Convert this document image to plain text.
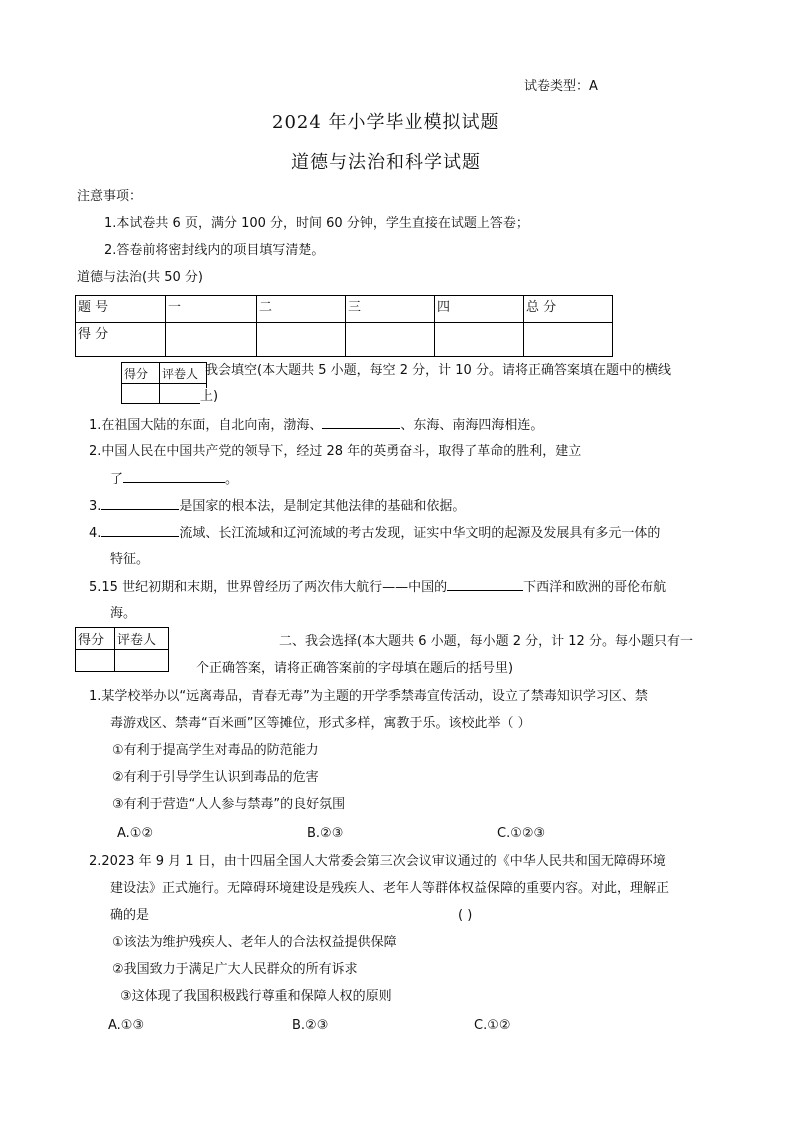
试卷类型：A
2024 年小学毕业模拟试题
道德与法治和科学试题
注意事项：
1.本试卷共 6 页，满分 100 分，时间 60 分钟，学生直接在试题上答卷；
2.答卷前将密封线内的项目填写清楚。
道德与法治(共 50 分)
题 号	一	二	三	四	总 分
得 分					
得分	评卷人
	我会填空(本大题共 5 小题，每空 2 分，计 10 分。请将正确答案填在题中的横线
上)
1.在祖国大陆的东面，自北向南，渤海、	、东海、南海四海相连。
2.中国人民在中国共产党的领导下，经过 28 年的英勇奋斗，取得了革命的胜利，建立
了	。
3.	是国家的根本法，是制定其他法律的基础和依据。
4.	流域、长江流域和辽河流域的考古发现，证实中华文明的起源及发展具有多元一体的
特征。
5.15 世纪初期和末期，世界曾经历了两次伟大航行——中国的	下西洋和欧洲的哥伦布航
海。
得分	评卷人
		二、我会选择(本大题共 6 小题，每小题 2 分，计 12 分。每小题只有一
个正确答案，请将正确答案前的字母填在题后的括号里)
1.某学校举办以“远离毒品，青春无毒”为主题的开学季禁毒宣传活动，设立了禁毒知识学习区、禁
毒游戏区、禁毒“百米画”区等摊位，形式多样，寓教于乐。该校此举（ ）
①有利于提高学生对毒品的防范能力
②有利于引导学生认识到毒品的危害
③有利于营造“人人参与禁毒”的良好氛围
A.①②	B.②③	C.①②③
2.2023 年 9 月 1 日，由十四届全国人大常委会第三次会议审议通过的《中华人民共和国无障碍环境
建设法》正式施行。无障碍环境建设是残疾人、老年人等群体权益保障的重要内容。对此，理解正
确的是	( )
①该法为维护残疾人、老年人的合法权益提供保障
②我国致力于满足广大人民群众的所有诉求
③这体现了我国积极践行尊重和保障人权的原则
A.①③	B.②③	C.①②
